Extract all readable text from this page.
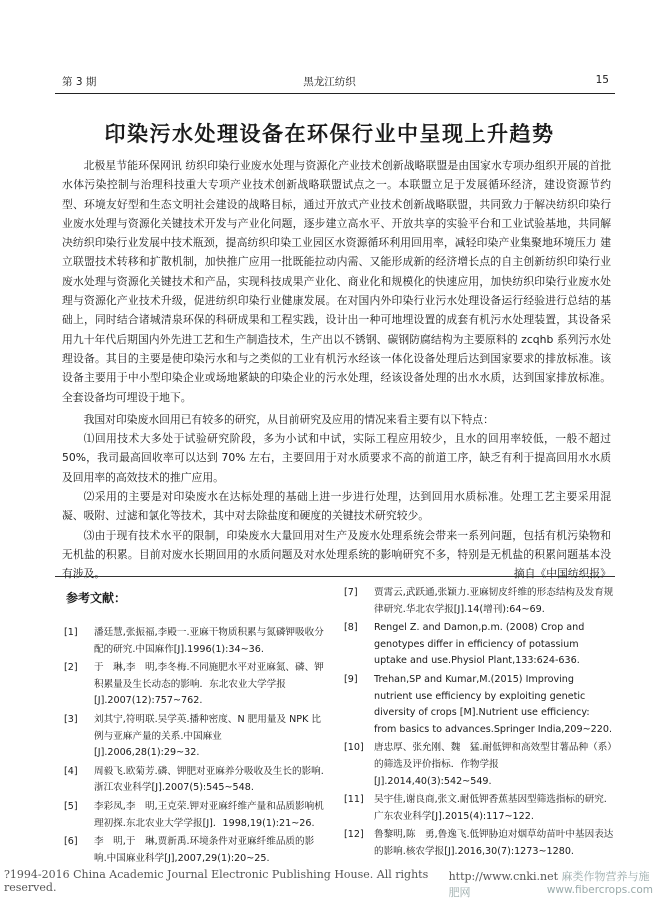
第 3 期	黑龙江纺织	15
印染污水处理设备在环保行业中呈现上升趋势

北极星节能环保网讯 纺织印染行业废水处理与资源化产业技术创新战略联盟是由国家水专项办组织开展的首批水体污染控制与治理科技重大专项产业技术创新战略联盟试点之一。本联盟立足于发展循环经济，建设资源节约型、环境友好型和生态文明社会建设的战略目标，通过开放式产业技术创新战略联盟，共同致力于解决纺织印染行业废水处理与资源化关键技术开发与产业化问题，逐步建立高水平、开放共享的实验平台和工业试验基地，共同解决纺织印染行业发展中技术瓶颈，提高纺织印染工业园区水资源循环利用回用率，减轻印染产业集聚地环境压力 建立联盟技术转移和扩散机制，加快推广应用一批既能拉动内需、又能形成新的经济增长点的自主创新纺织印染行业废水处理与资源化关键技术和产品，实现科技成果产业化、商业化和规模化的快速应用，加快纺织印染行业废水处理与资源化产业技术升级，促进纺织印染行业健康发展。在对国内外印染行业污水处理设备运行经验进行总结的基础上，同时结合诸城清泉环保的科研成果和工程实践，设计出一种可地埋设置的成套有机污水处理装置，其设备采用九十年代后期国内外先进工艺和生产制造技术，生产出以不锈钢、碳钢防腐结构为主要原料的 zcqhb 系列污水处理设备。其目的主要是使印染污水和与之类似的工业有机污水经该一体化设备处理后达到国家要求的排放标准。该设备主要用于中小型印染企业或场地紧缺的印染企业的污水处理，经该设备处理的出水水质，达到国家排放标准。全套设备均可埋设于地下。

我国对印染废水回用已有较多的研究，从目前研究及应用的情况来看主要有以下特点：

⑴回用技术大多处于试验研究阶段，多为小试和中试，实际工程应用较少，且水的回用率较低，一般不超过 50%，我司最高回收率可以达到 70% 左右，主要回用于对水质要求不高的前道工序，缺乏有利于提高回用水水质及回用率的高效技术的推广应用。

⑵采用的主要是对印染废水在达标处理的基础上进一步进行处理，达到回用水质标准。处理工艺主要采用混凝、吸附、过滤和氯化等技术，其中对去除盐度和硬度的关键技术研究较少。

⑶由于现有技术水平的限制，印染废水大量回用对生产及废水处理系统会带来一系列问题，包括有机污染物和无机盐的积累。目前对废水长期回用的水质问题及对水处理系统的影响研究不多，特别是无机盐的积累问题基本没有涉及。	摘自《中国纺织报》

参考文献：
[1]	潘廷慧,张振福,李殿一.亚麻干物质积累与氮磷钾吸收分配的研究.中国麻作[J].1996(1):34~36.
[2]	于　琳,李　明,李冬梅.不同施肥水平对亚麻氮、磷、钾积累量及生长动态的影响．东北农业大学学报[J].2007(12):757~762.
[3]	刘其宁,符明联.吴学英.播种密度、N 肥用量及 NPK 比例与亚麻产量的关系.中国麻业[J].2006,28(1):29~32.
[4]	周毅飞.欧菊芳.磷、钾肥对亚麻养分吸收及生长的影响.浙江农业科学[J].2007(5):545~548.
[5]	李彩凤,李　明,王克荣.钾对亚麻纤维产量和品质影响机理初探.东北农业大学学报[J]．1998,19(1):21~26.
[6]	李　明,于　琳,贾新禹.环境条件对亚麻纤维品质的影响.中国麻业科学[J],2007,29(1):20~25.
[7]	贾霄云,武跃通,张颖力.亚麻韧皮纤维的形态结构及发育规律研究.华北农学报[J].14(增刊):64~69.
[8]	Rengel Z. and Damon,p.m. (2008) Crop and genotypes differ in efficiency of potassium uptake and use.Physiol Plant,133:624-636.
[9]	Trehan,SP and Kumar,M.(2015) Improving nutrient use efficiency by exploiting genetic diversity of crops [M].Nutrient use efficiency: from basics to advances.Springer India,209~220.
[10]	唐忠厚、张允刚、魏　猛.耐低钾和高效型甘薯品种（系）的筛选及评价指标．作物学报 [J].2014,40(3):542~549.
[11]	吴宇佳,谢良商,张文.耐低钾香蕉基因型筛选指标的研究.广东农业科学[J].2015(4):117~122.
[12]	鲁黎明,陈　勇,鲁逸飞.低钾胁迫对烟草幼苗叶中基因表达的影响.核农学报[J].2016,30(7):1273~1280.
?1994-2016 China Academic Journal Electronic Publishing House. All rights reserved.
http://www.cnki.net 麻类作物营养与施肥网	www.fibercrops.com
